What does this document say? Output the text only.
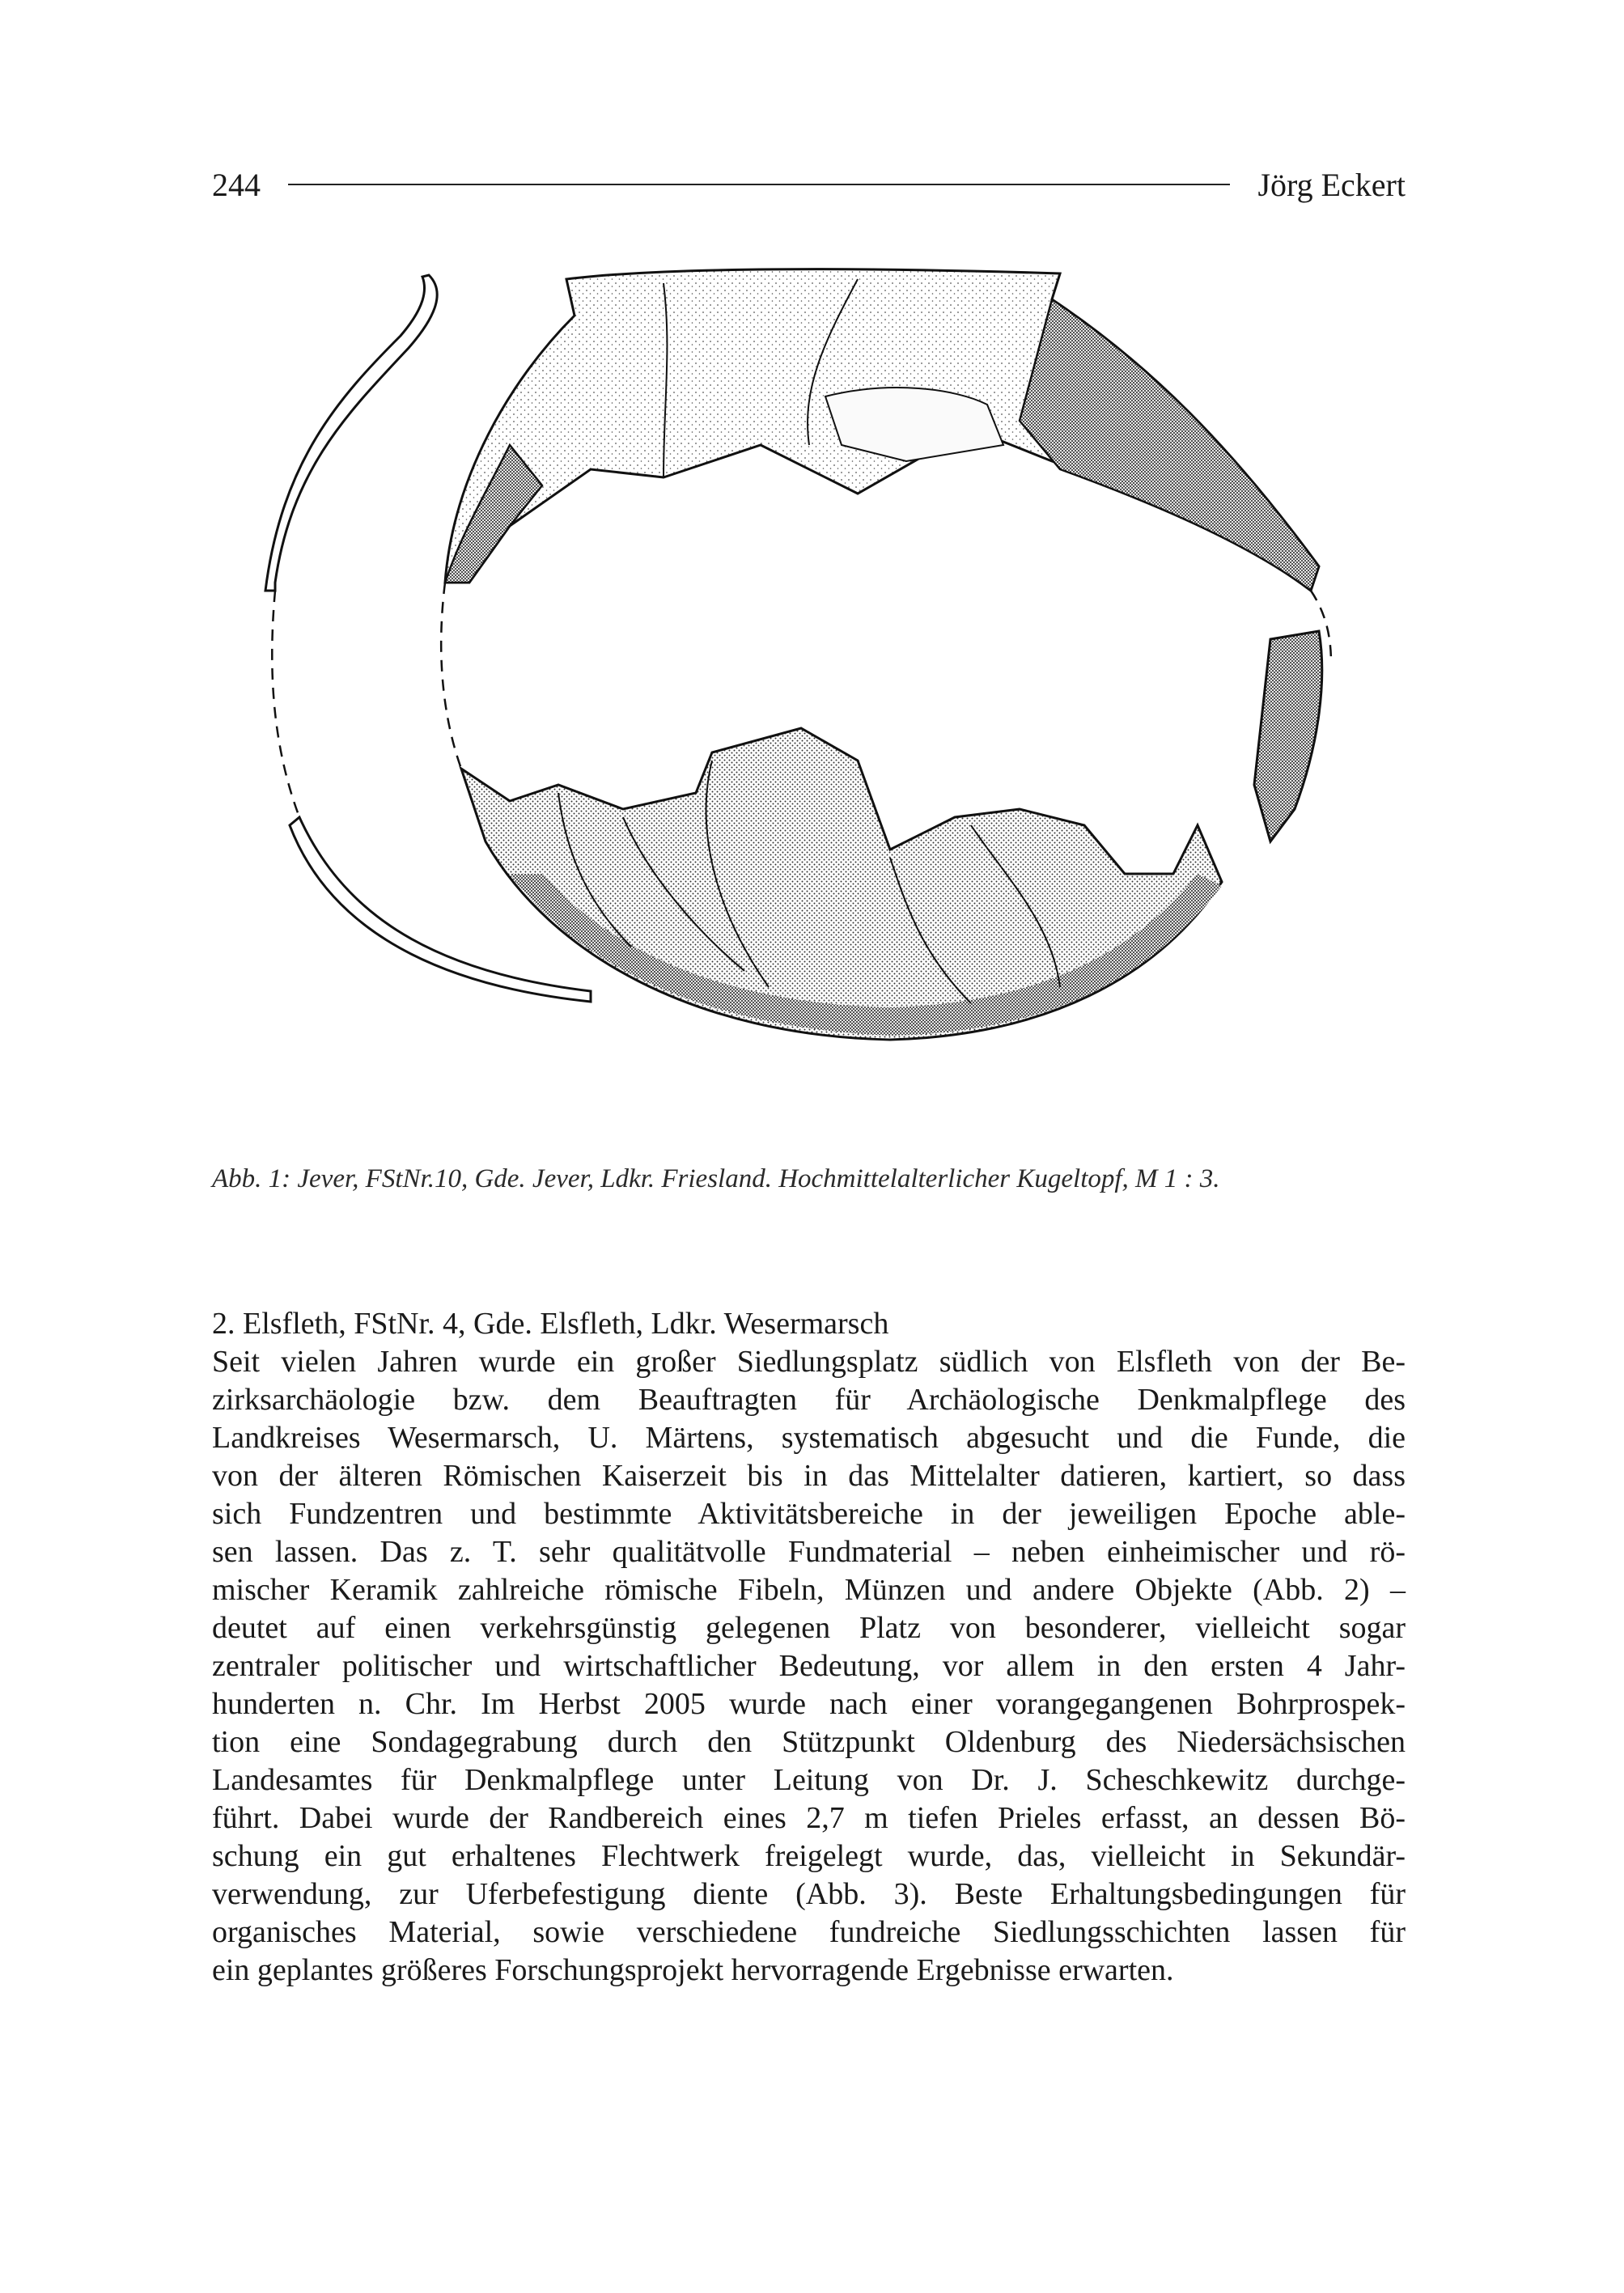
244	Jörg Eckert
Abb. 1: Jever, FStNr.10, Gde. Jever, Ldkr. Friesland. Hochmittelalterlicher Kugeltopf, M 1 : 3.
2. Elsfleth, FStNr. 4, Gde. Elsfleth, Ldkr. Wesermarsch
Seit vielen Jahren wurde ein großer Siedlungsplatz südlich von Elsfleth von der Be-
zirksarchäologie bzw. dem Beauftragten für Archäologische Denkmalpflege des
Landkreises Wesermarsch, U. Märtens, systematisch abgesucht und die Funde, die
von der älteren Römischen Kaiserzeit bis in das Mittelalter datieren, kartiert, so dass
sich Fundzentren und bestimmte Aktivitätsbereiche in der jeweiligen Epoche able-
sen lassen. Das z. T. sehr qualitätvolle Fundmaterial – neben einheimischer und rö-
mischer Keramik zahlreiche römische Fibeln, Münzen und andere Objekte (Abb. 2) –
deutet auf einen verkehrsgünstig gelegenen Platz von besonderer, vielleicht sogar
zentraler politischer und wirtschaftlicher Bedeutung, vor allem in den ersten 4 Jahr-
hunderten n. Chr. Im Herbst 2005 wurde nach einer vorangegangenen Bohrprospek-
tion eine Sondagegrabung durch den Stützpunkt Oldenburg des Niedersächsischen
Landesamtes für Denkmalpflege unter Leitung von Dr. J. Scheschkewitz durchge-
führt. Dabei wurde der Randbereich eines 2,7 m tiefen Prieles erfasst, an dessen Bö-
schung ein gut erhaltenes Flechtwerk freigelegt wurde, das, vielleicht in Sekundär-
verwendung, zur Uferbefestigung diente (Abb. 3). Beste Erhaltungsbedingungen für
organisches Material, sowie verschiedene fundreiche Siedlungsschichten lassen für
ein geplantes größeres Forschungsprojekt hervorragende Ergebnisse erwarten.
